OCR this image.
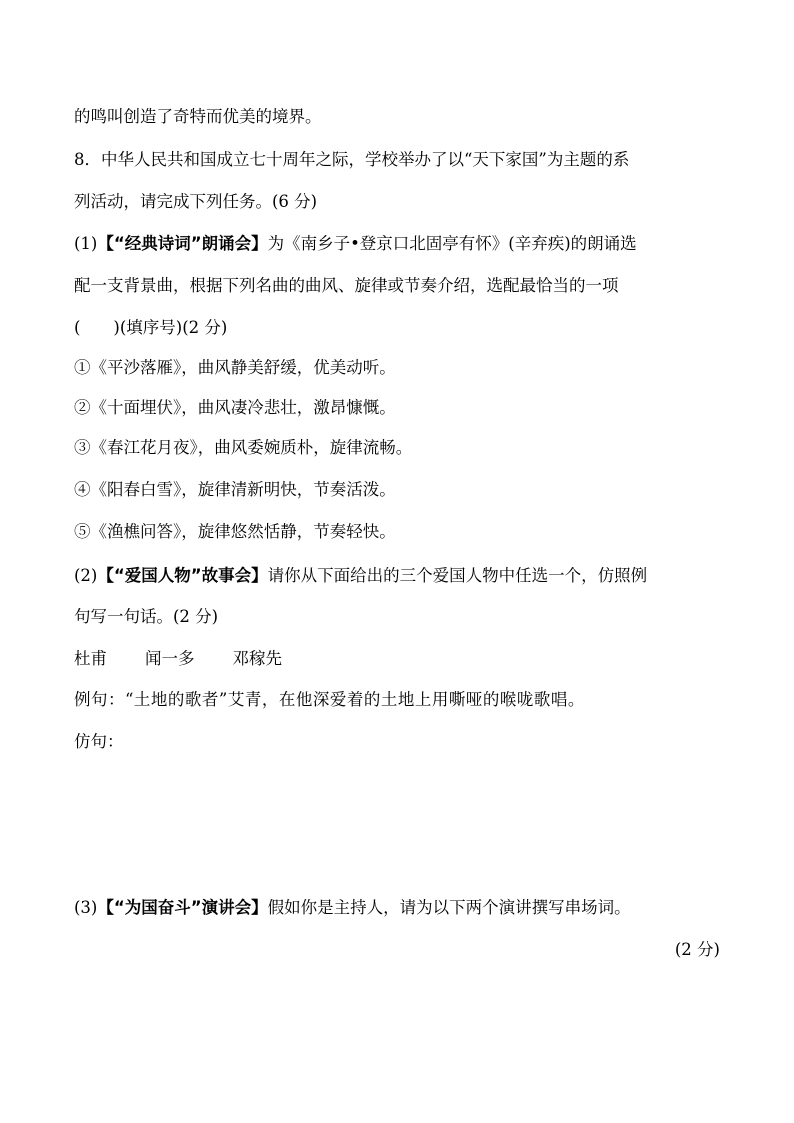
的鸣叫创造了奇特而优美的境界。
8．中华人民共和国成立七十周年之际，学校举办了以“天下家国”为主题的系
列活动，请完成下列任务。(6 分)
(1)【“经典诗词”朗诵会】为《南乡子•登京口北固亭有怀》(辛弃疾)的朗诵选
配一支背景曲，根据下列名曲的曲风、旋律或节奏介绍，选配最恰当的一项
(　　)(填序号)(2 分)
①《平沙落雁》，曲风静美舒缓，优美动听。
②《十面埋伏》，曲风凄冷悲壮，激昂慷慨。
③《春江花月夜》，曲风委婉质朴，旋律流畅。
④《阳春白雪》，旋律清新明快，节奏活泼。
⑤《渔樵问答》，旋律悠然恬静，节奏轻快。
(2)【“爱国人物”故事会】请你从下面给出的三个爱国人物中任选一个，仿照例
句写一句话。(2 分)
杜甫 闻一多 邓稼先
例句：“土地的歌者”艾青，在他深爱着的土地上用嘶哑的喉咙歌唱。
仿句：
(3)【“为国奋斗”演讲会】假如你是主持人，请为以下两个演讲撰写串场词。
(2 分)
